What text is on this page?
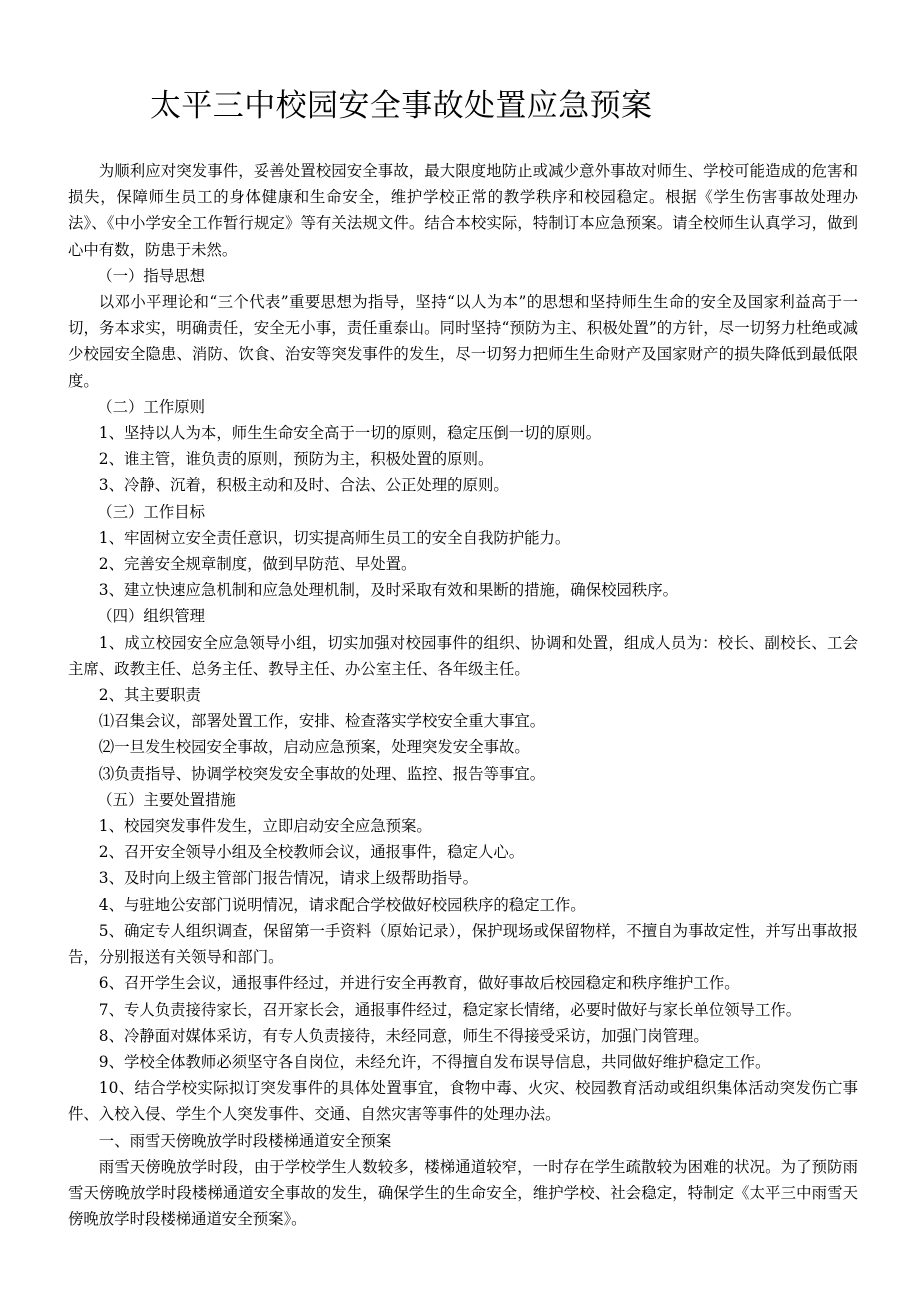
太平三中校园安全事故处置应急预案

为顺利应对突发事件，妥善处置校园安全事故，最大限度地防止或减少意外事故对师生、学校可能造成的危害和损失，保障师生员工的身体健康和生命安全，维护学校正常的教学秩序和校园稳定。根据《学生伤害事故处理办法》、《中小学安全工作暂行规定》等有关法规文件。结合本校实际，特制订本应急预案。请全校师生认真学习，做到心中有数，防患于未然。

（一）指导思想

以邓小平理论和“三个代表”重要思想为指导，坚持“以人为本”的思想和坚持师生生命的安全及国家利益高于一切，务本求实，明确责任，安全无小事，责任重泰山。同时坚持“预防为主、积极处置”的方针，尽一切努力杜绝或减少校园安全隐患、消防、饮食、治安等突发事件的发生，尽一切努力把师生生命财产及国家财产的损失降低到最低限度。

（二）工作原则

1、坚持以人为本，师生生命安全高于一切的原则，稳定压倒一切的原则。

2、谁主管，谁负责的原则，预防为主，积极处置的原则。

3、冷静、沉着，积极主动和及时、合法、公正处理的原则。

（三）工作目标

1、牢固树立安全责任意识，切实提高师生员工的安全自我防护能力。

2、完善安全规章制度，做到早防范、早处置。

3、建立快速应急机制和应急处理机制，及时采取有效和果断的措施，确保校园秩序。

（四）组织管理

1、成立校园安全应急领导小组，切实加强对校园事件的组织、协调和处置，组成人员为：校长、副校长、工会主席、政教主任、总务主任、教导主任、办公室主任、各年级主任。

2、其主要职责

⑴召集会议，部署处置工作，安排、检查落实学校安全重大事宜。

⑵一旦发生校园安全事故，启动应急预案，处理突发安全事故。

⑶负责指导、协调学校突发安全事故的处理、监控、报告等事宜。

（五）主要处置措施

1、校园突发事件发生，立即启动安全应急预案。

2、召开安全领导小组及全校教师会议，通报事件，稳定人心。

3、及时向上级主管部门报告情况，请求上级帮助指导。

4、与驻地公安部门说明情况，请求配合学校做好校园秩序的稳定工作。

5、确定专人组织调查，保留第一手资料（原始记录），保护现场或保留物样，不擅自为事故定性，并写出事故报告，分别报送有关领导和部门。

6、召开学生会议，通报事件经过，并进行安全再教育，做好事故后校园稳定和秩序维护工作。

7、专人负责接待家长，召开家长会，通报事件经过，稳定家长情绪，必要时做好与家长单位领导工作。

8、冷静面对媒体采访，有专人负责接待，未经同意，师生不得接受采访，加强门岗管理。

9、学校全体教师必须坚守各自岗位，未经允许，不得擅自发布误导信息，共同做好维护稳定工作。

10、结合学校实际拟订突发事件的具体处置事宜，食物中毒、火灾、校园教育活动或组织集体活动突发伤亡事件、入校入侵、学生个人突发事件、交通、自然灾害等事件的处理办法。

一、雨雪天傍晚放学时段楼梯通道安全预案

雨雪天傍晚放学时段，由于学校学生人数较多，楼梯通道较窄，一时存在学生疏散较为困难的状况。为了预防雨雪天傍晚放学时段楼梯通道安全事故的发生，确保学生的生命安全，维护学校、社会稳定，特制定《太平三中雨雪天傍晚放学时段楼梯通道安全预案》。
